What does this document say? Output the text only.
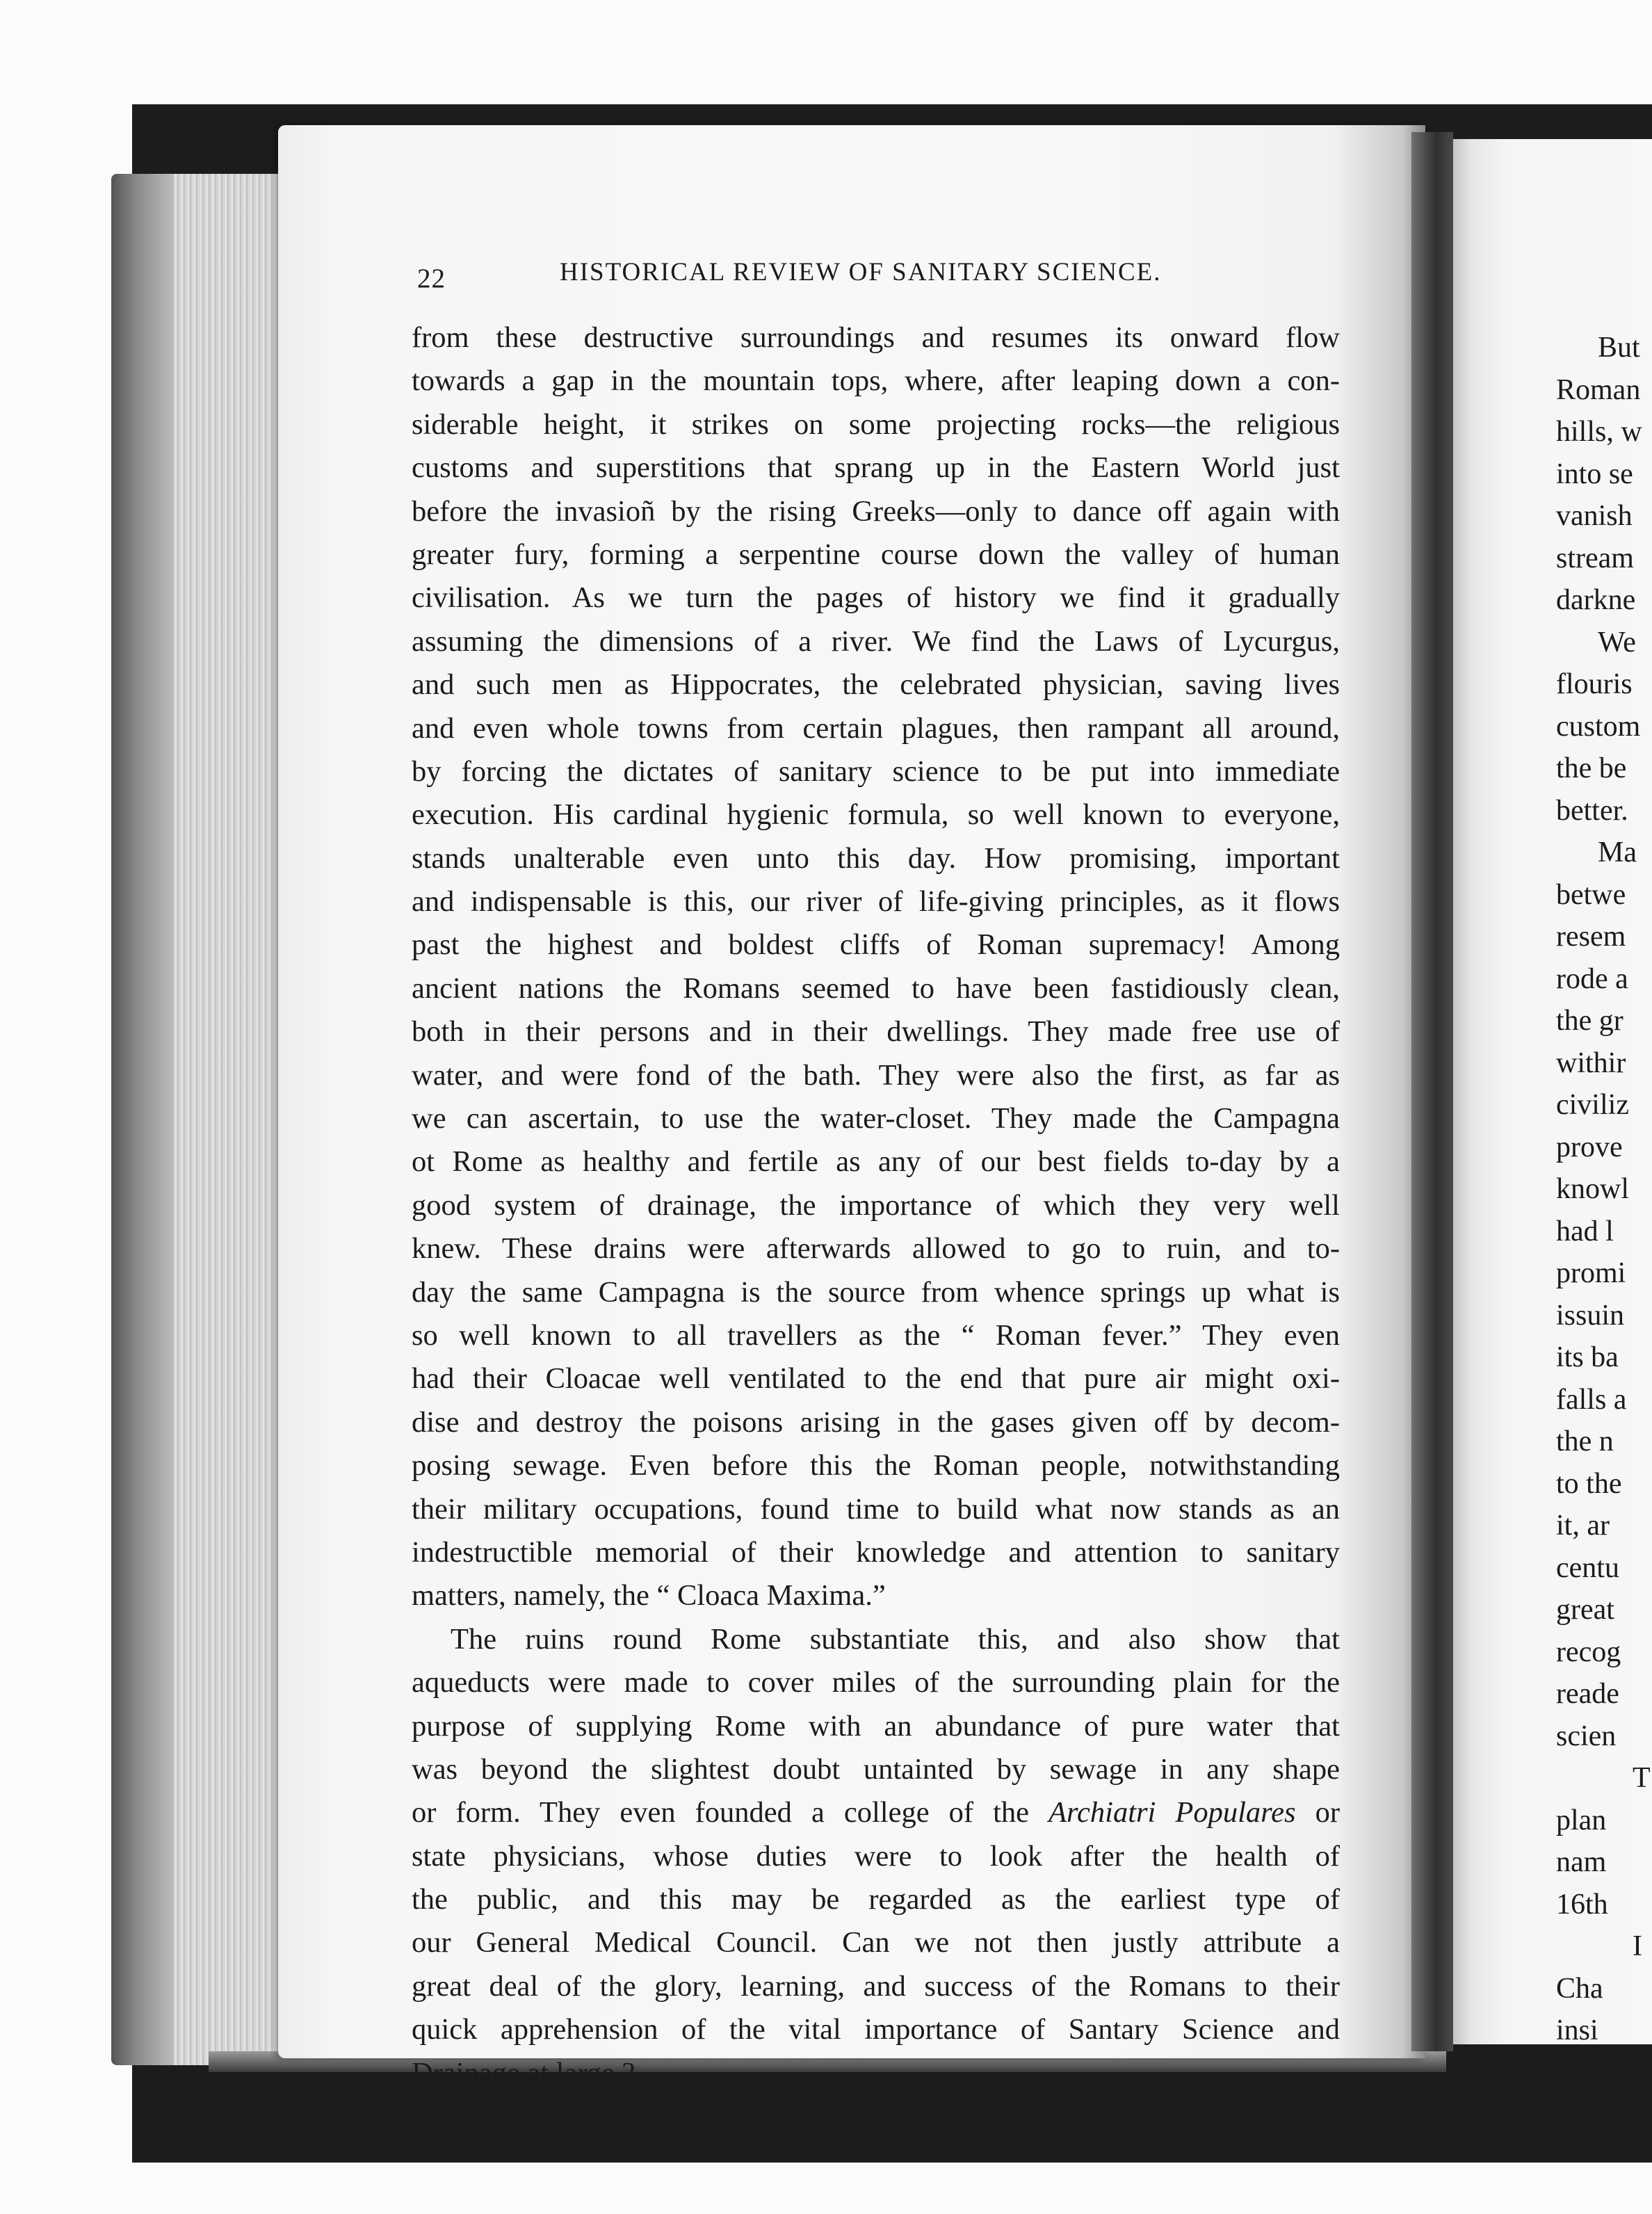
22	HISTORICAL REVIEW OF SANITARY SCIENCE.
from these destructive surroundings and resumes its onward flow
towards a gap in the mountain tops, where, after leaping down a con-
siderable height, it strikes on some projecting rocks—the religious
customs and superstitions that sprang up in the Eastern World just
before the invasioñ by the rising Greeks—only to dance off again with
greater fury, forming a serpentine course down the valley of human
civilisation. As we turn the pages of history we find it gradually
assuming the dimensions of a river. We find the Laws of Lycurgus,
and such men as Hippocrates, the celebrated physician, saving lives
and even whole towns from certain plagues, then rampant all around,
by forcing the dictates of sanitary science to be put into immediate
execution. His cardinal hygienic formula, so well known to everyone,
stands unalterable even unto this day. How promising, important
and indispensable is this, our river of life-giving principles, as it flows
past the highest and boldest cliffs of Roman supremacy! Among
ancient nations the Romans seemed to have been fastidiously clean,
both in their persons and in their dwellings. They made free use of
water, and were fond of the bath. They were also the first, as far as
we can ascertain, to use the water-closet. They made the Campagna
ot Rome as healthy and fertile as any of our best fields to-day by a
good system of drainage, the importance of which they very well
knew. These drains were afterwards allowed to go to ruin, and to-
day the same Campagna is the source from whence springs up what is
so well known to all travellers as the “ Roman fever.” They even
had their Cloacae well ventilated to the end that pure air might oxi-
dise and destroy the poisons arising in the gases given off by decom-
posing sewage. Even before this the Roman people, notwithstanding
their military occupations, found time to build what now stands as an
indestructible memorial of their knowledge and attention to sanitary
matters, namely, the “ Cloaca Maxima.”
The ruins round Rome substantiate this, and also show that
aqueducts were made to cover miles of the surrounding plain for the
purpose of supplying Rome with an abundance of pure water that
was beyond the slightest doubt untainted by sewage in any shape
or form. They even founded a college of the Archiatri Populares or
state physicians, whose duties were to look after the health of
the public, and this may be regarded as the earliest type of
our General Medical Council. Can we not then justly attribute a
great deal of the glory, learning, and success of the Romans to their
quick apprehension of the vital importance of Santary Science and
Drainage at large ?
But
Roman
hills, w
into se
vanish
stream
darkne
We
flouris
custom
the be
better.
Ma
betwe
resem
rode a
the gr
withir
civiliz
prove
knowl
had l
promi
issuin
its ba
falls a
the n
to the
it, ar
centu
great
recog
reade
scien
T
plan
nam
16th
I
Cha
insi
